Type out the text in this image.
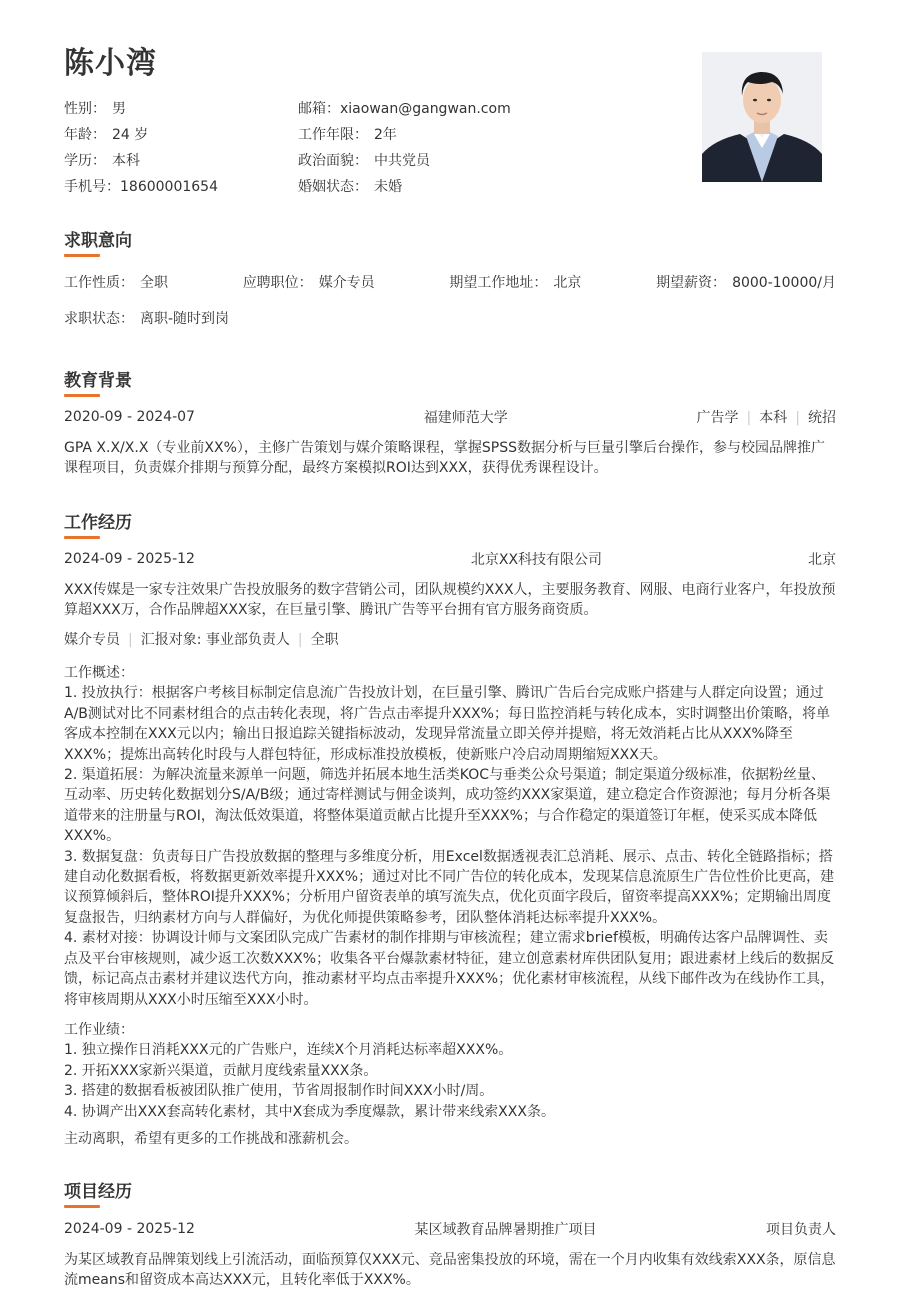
陈小湾
性别： 男	邮箱：xiaowan@gangwan.com
年龄： 24 岁	工作年限： 2年
学历： 本科	政治面貌： 中共党员
手机号：18600001654	婚姻状态： 未婚
求职意向
工作性质： 全职	应聘职位： 媒介专员	期望工作地址： 北京	期望薪资： 8000-10000/月
求职状态： 离职-随时到岗
教育背景
2020-09 - 2024-07	福建师范大学	广告学 | 本科 | 统招

GPA X.X/X.X（专业前XX%），主修广告策划与媒介策略课程，掌握SPSS数据分析与巨量引擎后台操作，参与校园品牌推广

课程项目，负责媒介排期与预算分配，最终方案模拟ROI达到XXX，获得优秀课程设计。

工作经历
2024-09 - 2025-12	北京XX科技有限公司	北京

XXX传媒是一家专注效果广告投放服务的数字营销公司，团队规模约XXX人，主要服务教育、网服、电商行业客户，年投放预

算超XXX万，合作品牌超XXX家，在巨量引擎、腾讯广告等平台拥有官方服务商资质。

媒介专员 | 汇报对象: 事业部负责人 | 全职

工作概述：

1. 投放执行：根据客户考核目标制定信息流广告投放计划，在巨量引擎、腾讯广告后台完成账户搭建与人群定向设置；通过

A/B测试对比不同素材组合的点击转化表现，将广告点击率提升XXX%；每日监控消耗与转化成本，实时调整出价策略，将单

客成本控制在XXX元以内；输出日报追踪关键指标波动，发现异常流量立即关停并提赔，将无效消耗占比从XXX%降至

XXX%；提炼出高转化时段与人群包特征，形成标准投放模板，使新账户冷启动周期缩短XXX天。

2. 渠道拓展：为解决流量来源单一问题，筛选并拓展本地生活类KOC与垂类公众号渠道；制定渠道分级标准，依据粉丝量、

互动率、历史转化数据划分S/A/B级；通过寄样测试与佣金谈判，成功签约XXX家渠道，建立稳定合作资源池；每月分析各渠

道带来的注册量与ROI，淘汰低效渠道，将整体渠道贡献占比提升至XXX%；与合作稳定的渠道签订年框，使采买成本降低

XXX%。

3. 数据复盘：负责每日广告投放数据的整理与多维度分析，用Excel数据透视表汇总消耗、展示、点击、转化全链路指标；搭

建自动化数据看板，将数据更新效率提升XXX%；通过对比不同广告位的转化成本，发现某信息流原生广告位性价比更高，建

议预算倾斜后，整体ROI提升XXX%；分析用户留资表单的填写流失点，优化页面字段后，留资率提高XXX%；定期输出周度

复盘报告，归纳素材方向与人群偏好，为优化师提供策略参考，团队整体消耗达标率提升XXX%。

4. 素材对接：协调设计师与文案团队完成广告素材的制作排期与审核流程；建立需求brief模板，明确传达客户品牌调性、卖

点及平台审核规则，减少返工次数XXX%；收集各平台爆款素材特征，建立创意素材库供团队复用；跟进素材上线后的数据反

馈，标记高点击素材并建议迭代方向，推动素材平均点击率提升XXX%；优化素材审核流程，从线下邮件改为在线协作工具，

将审核周期从XXX小时压缩至XXX小时。

工作业绩：

1. 独立操作日消耗XXX元的广告账户，连续X个月消耗达标率超XXX%。

2. 开拓XXX家新兴渠道，贡献月度线索量XXX条。

3. 搭建的数据看板被团队推广使用，节省周报制作时间XXX小时/周。

4. 协调产出XXX套高转化素材，其中X套成为季度爆款，累计带来线索XXX条。

主动离职，希望有更多的工作挑战和涨薪机会。
项目经历
2024-09 - 2025-12	某区域教育品牌暑期推广项目	项目负责人

为某区域教育品牌策划线上引流活动，面临预算仅XXX元、竞品密集投放的环境，需在一个月内收集有效线索XXX条，原信息

流means和留资成本高达XXX元，且转化率低于XXX%。
